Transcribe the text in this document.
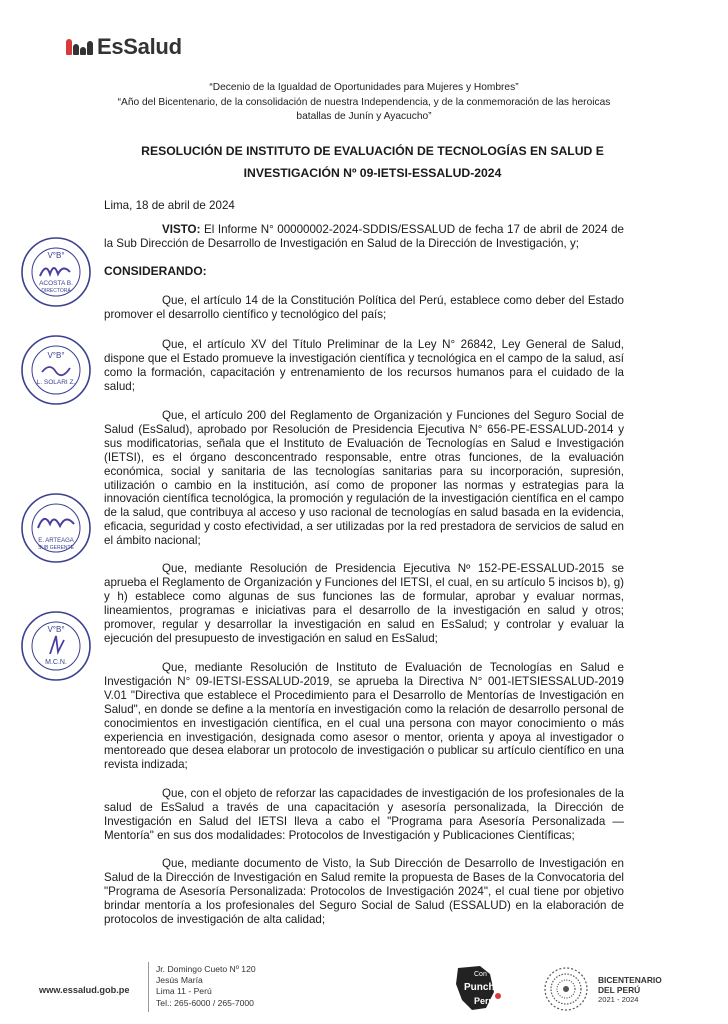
EsSalud
“Decenio de la Igualdad de Oportunidades para Mujeres y Hombres”
“Año del Bicentenario, de la consolidación de nuestra Independencia, y de la conmemoración de las heroicas
batallas de Junín y Ayacucho”
RESOLUCIÓN DE INSTITUTO DE EVALUACIÓN DE TECNOLOGÍAS EN SALUD E
INVESTIGACIÓN Nº 09-IETSI-ESSALUD-2024
Lima, 18 de abril de 2024
VISTO: El Informe N° 00000002-2024-SDDIS/ESSALUD de fecha 17 de abril de 2024 de la Sub Dirección de Desarrollo de Investigación en Salud de la Dirección de Investigación, y;
CONSIDERANDO:
Que, el artículo 14 de la Constitución Política del Perú, establece como deber del Estado promover el desarrollo científico y tecnológico del país;
Que, el artículo XV del Título Preliminar de la Ley N° 26842, Ley General de Salud, dispone que el Estado promueve la investigación científica y tecnológica en el campo de la salud, así como la formación, capacitación y entrenamiento de los recursos humanos para el cuidado de la salud;
Que, el artículo 200 del Reglamento de Organización y Funciones del Seguro Social de Salud (EsSalud), aprobado por Resolución de Presidencia Ejecutiva N° 656-PE-ESSALUD-2014 y sus modificatorias, señala que el Instituto de Evaluación de Tecnologías en Salud e Investigación (IETSI), es el órgano desconcentrado responsable, entre otras funciones, de la evaluación económica, social y sanitaria de las tecnologías sanitarias para su incorporación, supresión, utilización o cambio en la institución, así como de proponer las normas y estrategias para la innovación científica tecnológica, la promoción y regulación de la investigación científica en el campo de la salud, que contribuya al acceso y uso racional de tecnologías en salud basada en la evidencia, eficacia, seguridad y costo efectividad, a ser utilizadas por la red prestadora de servicios de salud en el ámbito nacional;
Que, mediante Resolución de Presidencia Ejecutiva Nº 152-PE-ESSALUD-2015 se aprueba el Reglamento de Organización y Funciones del IETSI, el cual, en su artículo 5 incisos b), g) y h) establece como algunas de sus funciones las de formular, aprobar y evaluar normas, lineamientos, programas e iniciativas para el desarrollo de la investigación en salud y otros; promover, regular y desarrollar la investigación en salud en EsSalud; y controlar y evaluar la ejecución del presupuesto de investigación en salud en EsSalud;
Que, mediante Resolución de Instituto de Evaluación de Tecnologías en Salud e Investigación N° 09-IETSI-ESSALUD-2019, se aprueba la Directiva N° 001-IETSIESSALUD-2019 V.01 "Directiva que establece el Procedimiento para el Desarrollo de Mentorías de Investigación en Salud", en donde se define a la mentoría en investigación como la relación de desarrollo personal de conocimientos en investigación científica, en el cual una persona con mayor conocimiento o más experiencia en investigación, designada como asesor o mentor, orienta y apoya al investigador o mentoreado que desea elaborar un protocolo de investigación o publicar su artículo científico en una revista indizada;
Que, con el objeto de reforzar las capacidades de investigación de los profesionales de la salud de EsSalud a través de una capacitación y asesoría personalizada, la Dirección de Investigación en Salud del IETSI lleva a cabo el "Programa para Asesoría Personalizada — Mentoría" en sus dos modalidades: Protocolos de Investigación y Publicaciones Científicas;
Que, mediante documento de Visto, la Sub Dirección de Desarrollo de Investigación en Salud de la Dirección de Investigación en Salud remite la propuesta de Bases de la Convocatoria del "Programa de Asesoría Personalizada: Protocolos de Investigación 2024", el cual tiene por objetivo brindar mentoría a los profesionales del Seguro Social de Salud (ESSALUD) en la elaboración de protocolos de investigación de alta calidad;
V°B°
ACOSTA B.
DIRECTORA
V°B°
L. SOLARI Z.
E. ARTEAGA
SUB GERENTE
V°B°
M.C.N.
www.essalud.gob.pe
Jr. Domingo Cueto Nº 120
Jesús María
Lima 11 - Perú
Tel.: 265-6000 / 265-7000
Con
Punche
Perú
BICENTENARIO
DEL PERÚ
2021 - 2024
